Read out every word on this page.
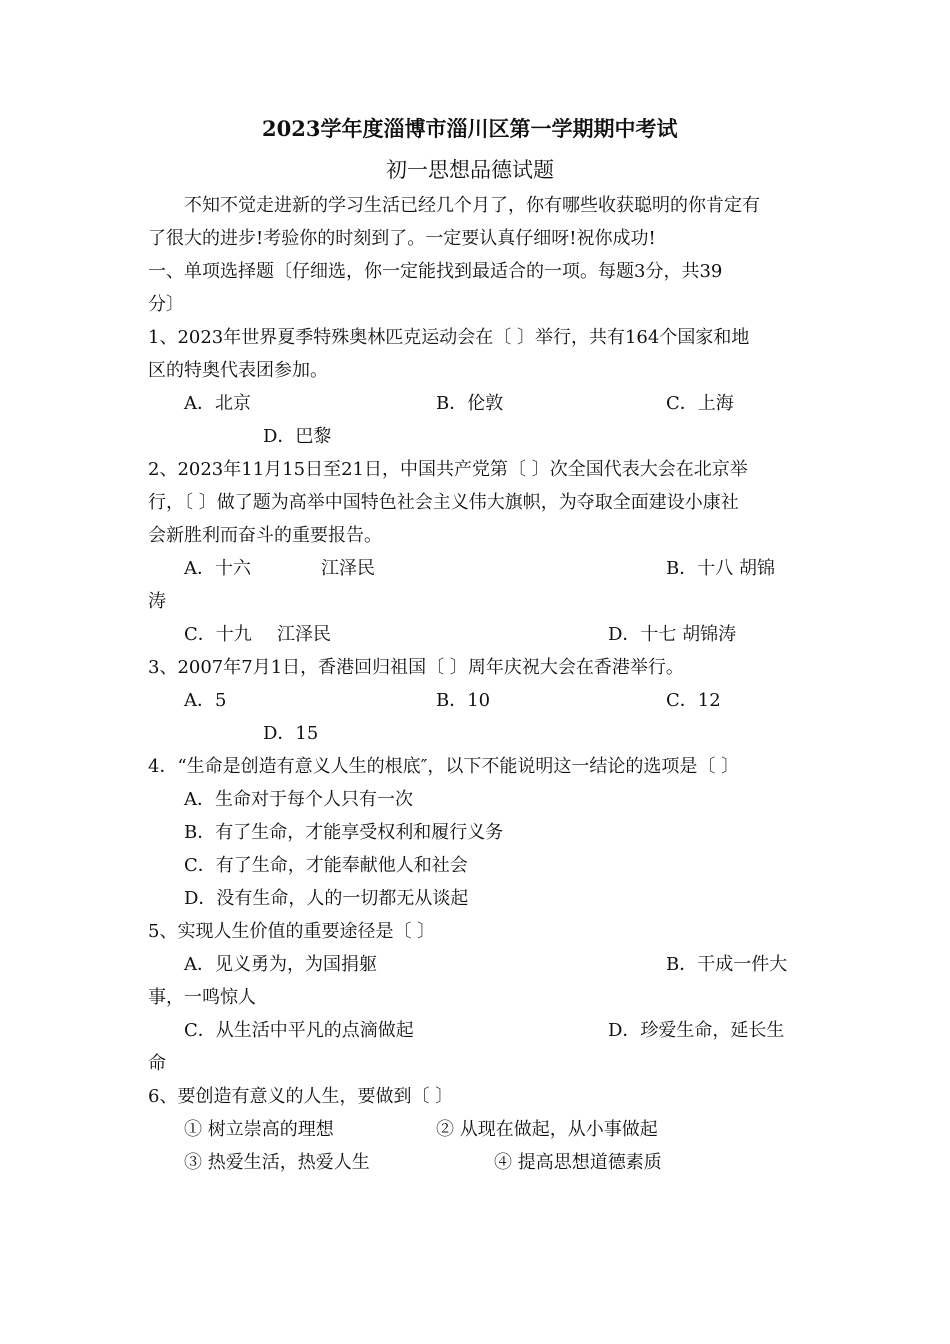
2023学年度淄博市淄川区第一学期期中考试
初一思想品德试题
不知不觉走进新的学习生活已经几个月了，你有哪些收获聪明的你肯定有
了很大的进步!考验你的时刻到了。一定要认真仔细呀!祝你成功!
一、单项选择题〔仔细选，你一定能找到最适合的一项。每题3分，共39
分〕
1、2023年世界夏季特殊奥林匹克运动会在〔 〕举行，共有164个国家和地
区的特奥代表团参加。
A．北京	B．伦敦	C．上海
D．巴黎
2、2023年11月15日至21日，中国共产党第〔 〕次全国代表大会在北京举
行，〔 〕做了题为高举中国特色社会主义伟大旗帜，为夺取全面建设小康社
会新胜利而奋斗的重要报告。
A．十六	江泽民	B．十八 胡锦
涛
C．十九 江泽民	D．十七 胡锦涛
3、2007年7月1日，香港回归祖国〔 〕周年庆祝大会在香港举行。
A．5	B．10	C．12
D．15
4．“生命是创造有意义人生的根底″，以下不能说明这一结论的选项是〔 〕
A．生命对于每个人只有一次
B．有了生命，才能享受权利和履行义务
C．有了生命，才能奉献他人和社会
D．没有生命，人的一切都无从谈起
5、实现人生价值的重要途径是〔 〕
A．见义勇为，为国捐躯	B．干成一件大
事，一鸣惊人
C．从生活中平凡的点滴做起	D．珍爱生命，延长生
命
6、要创造有意义的人生，要做到〔 〕
① 树立崇高的理想	② 从现在做起，从小事做起
③ 热爱生活，热爱人生	④ 提高思想道德素质
